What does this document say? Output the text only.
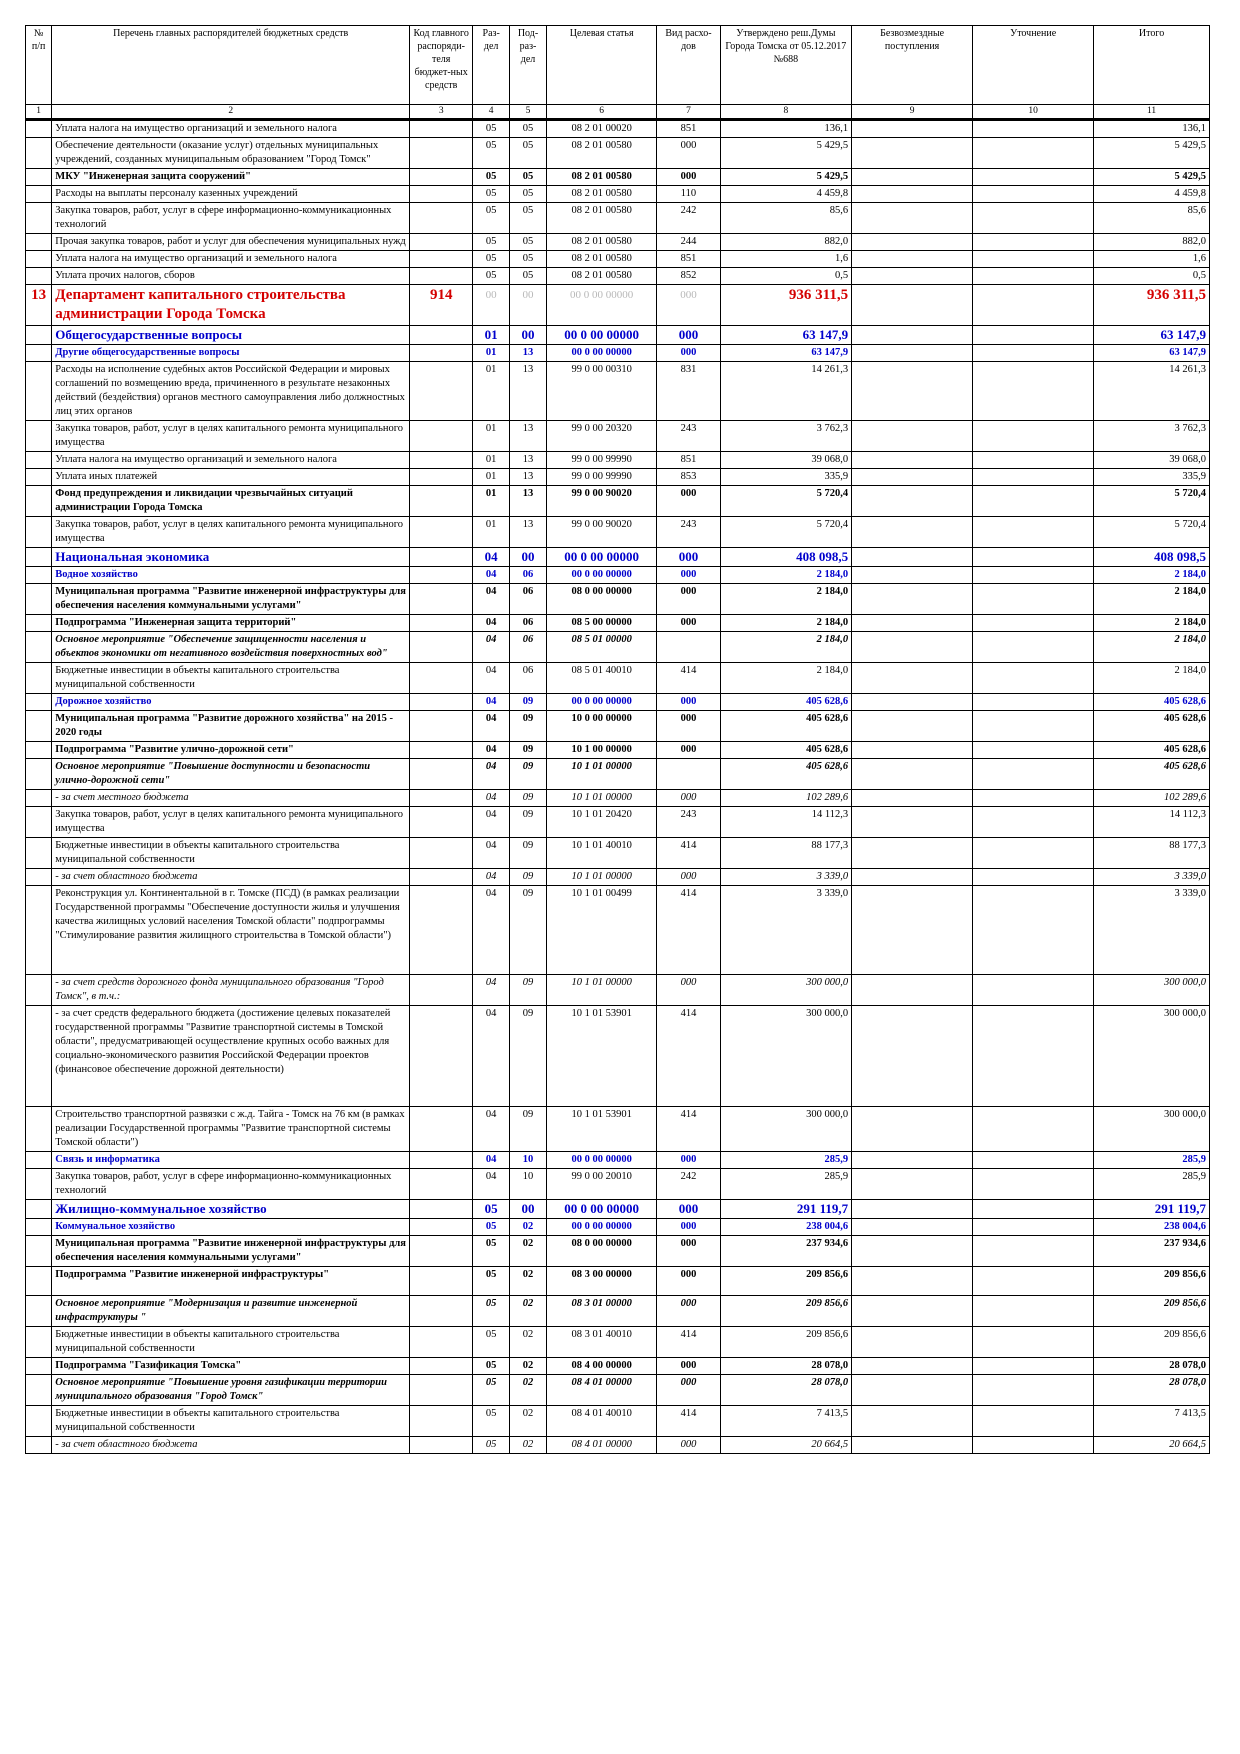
№ п/п	Перечень главных распорядителей бюджетных средств	Код главного распоряди-теля бюджет-ных средств	Раз-дел	Под-раз-дел	Целевая статья	Вид расхо-дов	Утверждено реш.Думы Города Томска от 05.12.2017 №688	Безвозмездные поступления	Уточнение	Итого
1	2	3	4	5	6	7	8	9	10	11
	Уплата налога на имущество организаций и земельного налога		05	05	08 2 01 00020	851	136,1			136,1
	Обеспечение деятельности (оказание услуг) отдельных муниципальных учреждений, созданных муниципальным образованием "Город Томск"		05	05	08 2 01 00580	000	5 429,5			5 429,5
	МКУ "Инженерная защита сооружений"		05	05	08 2 01 00580	000	5 429,5			5 429,5
	Расходы на выплаты персоналу казенных учреждений		05	05	08 2 01 00580	110	4 459,8			4 459,8
	Закупка товаров, работ, услуг в сфере информационно-коммуникационных технологий		05	05	08 2 01 00580	242	85,6			85,6
	Прочая закупка товаров, работ и услуг для обеспечения муниципальных нужд		05	05	08 2 01 00580	244	882,0			882,0
	Уплата налога на имущество организаций и земельного налога		05	05	08 2 01 00580	851	1,6			1,6
	Уплата прочих налогов, сборов		05	05	08 2 01 00580	852	0,5			0,5
13	Департамент капитального строительства администрации Города Томска	914	00	00	00 0 00 00000	000	936 311,5			936 311,5
	Общегосударственные вопросы		01	00	00 0 00 00000	000	63 147,9			63 147,9
	Другие общегосударственные вопросы		01	13	00 0 00 00000	000	63 147,9			63 147,9
	Расходы на исполнение судебных актов Российской Федерации и мировых соглашений по возмещению вреда, причиненного в результате незаконных действий (бездействия) органов местного самоуправления либо должностных лиц этих органов		01	13	99 0 00 00310	831	14 261,3			14 261,3
	Закупка товаров, работ, услуг в целях капитального ремонта муниципального имущества		01	13	99 0 00 20320	243	3 762,3			3 762,3
	Уплата налога на имущество организаций и земельного налога		01	13	99 0 00 99990	851	39 068,0			39 068,0
	Уплата иных платежей		01	13	99 0 00 99990	853	335,9			335,9
	Фонд предупреждения и ликвидации чрезвычайных ситуаций администрации Города Томска		01	13	99 0 00 90020	000	5 720,4			5 720,4
	Закупка товаров, работ, услуг в целях капитального ремонта муниципального имущества		01	13	99 0 00 90020	243	5 720,4			5 720,4
	Национальная экономика		04	00	00 0 00 00000	000	408 098,5			408 098,5
	Водное хозяйство		04	06	00 0 00 00000	000	2 184,0			2 184,0
	Муниципальная программа "Развитие инженерной инфраструктуры для обеспечения населения коммунальными услугами"		04	06	08 0 00 00000	000	2 184,0			2 184,0
	Подпрограмма "Инженерная защита территорий"		04	06	08 5 00 00000	000	2 184,0			2 184,0
	Основное мероприятие "Обеспечение защищенности населения и объектов экономики от негативного воздействия поверхностных вод"		04	06	08 5 01 00000		2 184,0			2 184,0
	Бюджетные инвестиции в объекты капитального строительства муниципальной собственности		04	06	08 5 01 40010	414	2 184,0			2 184,0
	Дорожное хозяйство		04	09	00 0 00 00000	000	405 628,6			405 628,6
	Муниципальная программа "Развитие дорожного хозяйства" на 2015 - 2020 годы		04	09	10 0 00 00000	000	405 628,6			405 628,6
	Подпрограмма "Развитие улично-дорожной сети"		04	09	10 1 00 00000	000	405 628,6			405 628,6
	Основное мероприятие "Повышение доступности и безопасности улично-дорожной сети"		04	09	10 1 01 00000		405 628,6			405 628,6
	- за счет местного бюджета		04	09	10 1 01 00000	000	102 289,6			102 289,6
	Закупка товаров, работ, услуг в целях капитального ремонта муниципального имущества		04	09	10 1 01 20420	243	14 112,3			14 112,3
	Бюджетные инвестиции в объекты капитального строительства муниципальной собственности		04	09	10 1 01 40010	414	88 177,3			88 177,3
	- за счет областного бюджета		04	09	10 1 01 00000	000	3 339,0			3 339,0
	Реконструкция ул. Континентальной в г. Томске (ПСД) (в рамках реализации Государственной программы "Обеспечение доступности жилья и улучшения качества жилищных условий населения Томской области" подпрограммы "Стимулирование развития жилищного строительства в Томской области")		04	09	10 1 01 00499	414	3 339,0			3 339,0
	- за счет средств дорожного фонда муниципального образования "Город Томск", в т.ч.:		04	09	10 1 01 00000	000	300 000,0			300 000,0
	- за счет средств федерального бюджета (достижение целевых показателей государственной программы "Развитие транспортной системы в Томской области", предусматривающей осуществление крупных особо важных для социально-экономического развития Российской Федерации проектов (финансовое обеспечение дорожной деятельности)		04	09	10 1 01 53901	414	300 000,0			300 000,0
	Строительство транспортной развязки с ж.д. Тайга - Томск на 76 км (в рамках реализации Государственной программы "Развитие транспортной системы Томской области")		04	09	10 1 01 53901	414	300 000,0			300 000,0
	Связь и информатика		04	10	00 0 00 00000	000	285,9			285,9
	Закупка товаров, работ, услуг в сфере информационно-коммуникационных технологий		04	10	99 0 00 20010	242	285,9			285,9
	Жилищно-коммунальное хозяйство		05	00	00 0 00 00000	000	291 119,7			291 119,7
	Коммунальное хозяйство		05	02	00 0 00 00000	000	238 004,6			238 004,6
	Муниципальная программа "Развитие инженерной инфраструктуры для обеспечения населения коммунальными услугами"		05	02	08 0 00 00000	000	237 934,6			237 934,6
	Подпрограмма "Развитие инженерной инфраструктуры"		05	02	08 3 00 00000	000	209 856,6			209 856,6
	Основное мероприятие "Модернизация и развитие инженерной инфраструктуры "		05	02	08 3 01 00000	000	209 856,6			209 856,6
	Бюджетные инвестиции в объекты капитального строительства муниципальной собственности		05	02	08 3 01 40010	414	209 856,6			209 856,6
	Подпрограмма "Газификация Томска"		05	02	08 4 00 00000	000	28 078,0			28 078,0
	Основное мероприятие "Повышение уровня газификации территории муниципального образования "Город Томск"		05	02	08 4 01 00000	000	28 078,0			28 078,0
	Бюджетные инвестиции в объекты капитального строительства муниципальной собственности		05	02	08 4 01 40010	414	7 413,5			7 413,5
	- за счет областного бюджета		05	02	08 4 01 00000	000	20 664,5			20 664,5
